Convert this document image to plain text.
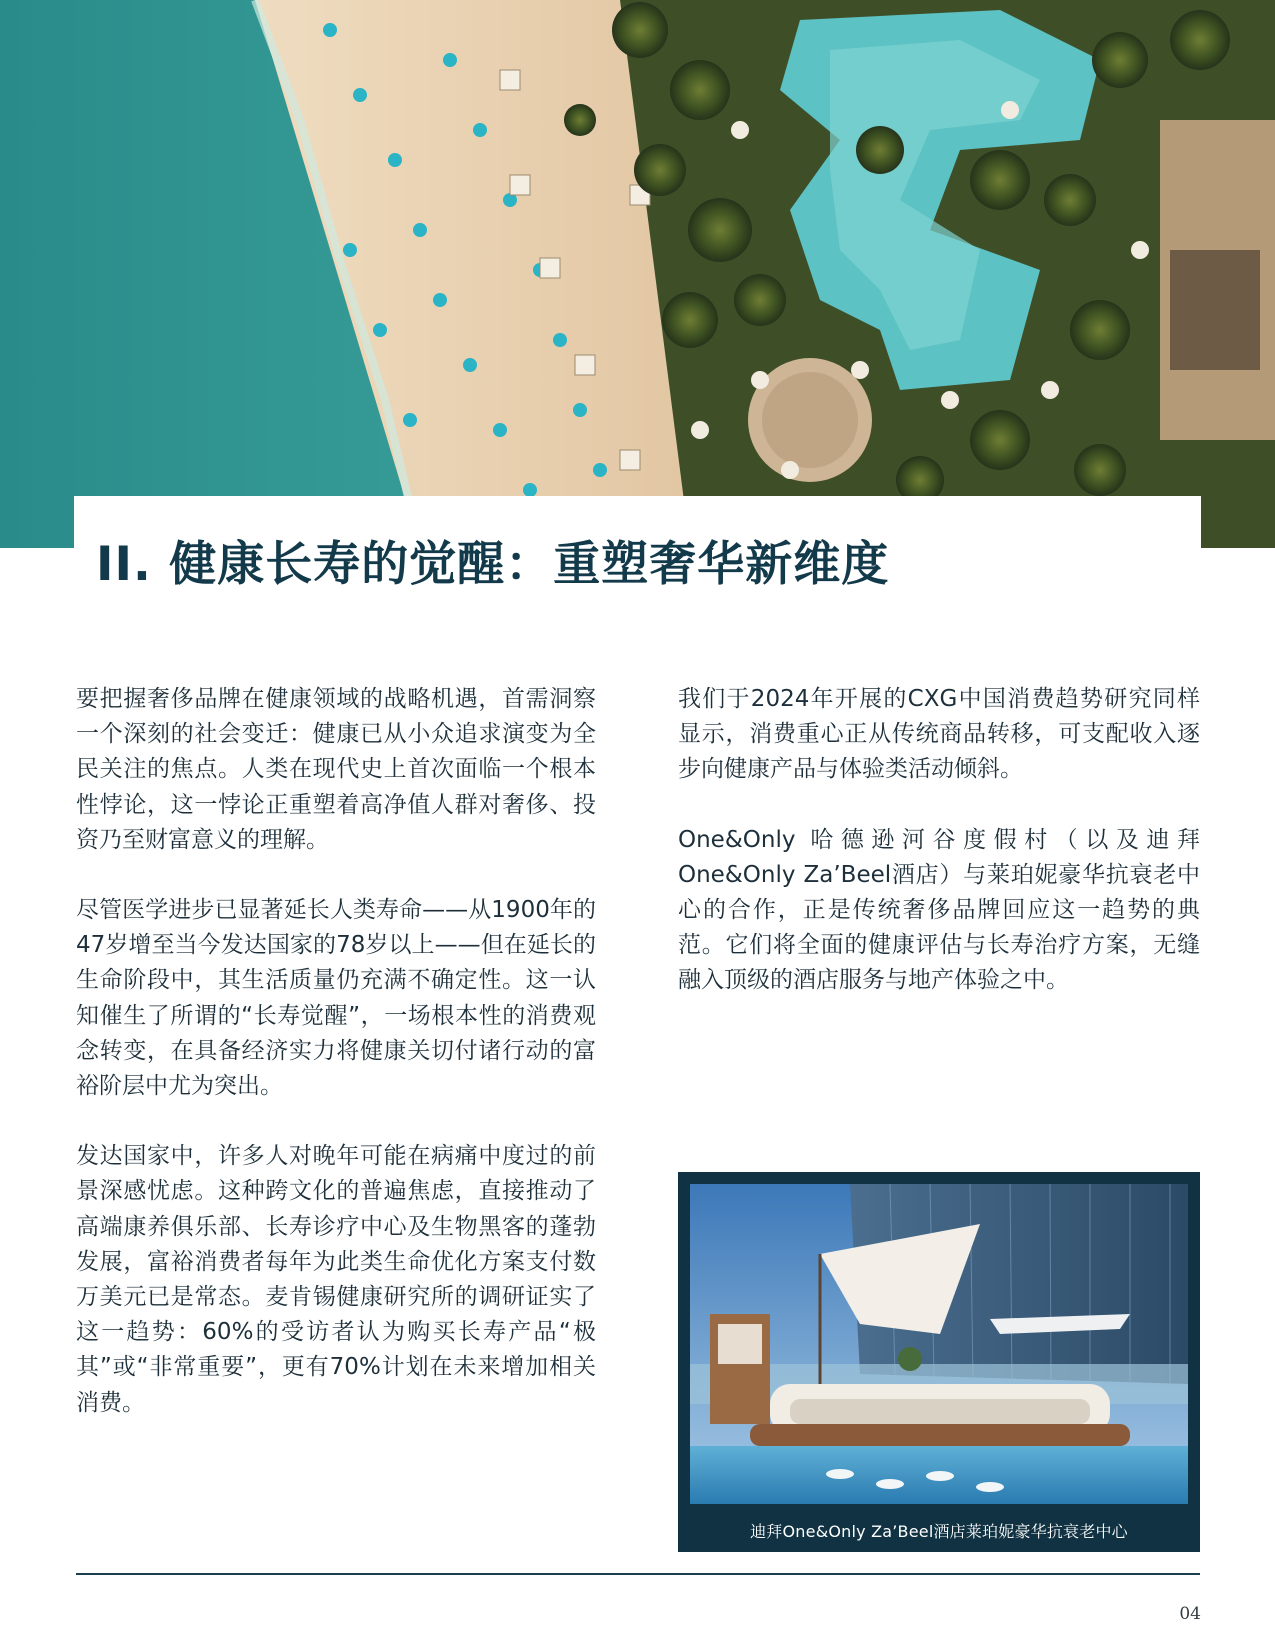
II. 健康长寿的觉醒：重塑奢华新维度

要把握奢侈品牌在健康领域的战略机遇，首需洞察一个深刻的社会变迁：健康已从小众追求演变为全民关注的焦点。人类在现代史上首次面临一个根本性悖论，这一悖论正重塑着高净值人群对奢侈、投资乃至财富意义的理解。

尽管医学进步已显著延长人类寿命——从1900年的47岁增至当今发达国家的78岁以上——但在延长的生命阶段中，其生活质量仍充满不确定性。这一认知催生了所谓的“长寿觉醒”，一场根本性的消费观念转变，在具备经济实力将健康关切付诸行动的富裕阶层中尤为突出。

发达国家中，许多人对晚年可能在病痛中度过的前景深感忧虑。这种跨文化的普遍焦虑，直接推动了高端康养俱乐部、长寿诊疗中心及生物黑客的蓬勃发展，富裕消费者每年为此类生命优化方案支付数万美元已是常态。麦肯锡健康研究所的调研证实了这一趋势：60%的受访者认为购买长寿产品“极其”或“非常重要”，更有70%计划在未来增加相关消费。

我们于2024年开展的CXG中国消费趋势研究同样显示，消费重心正从传统商品转移，可支配收入逐步向健康产品与体验类活动倾斜。

One&Only 哈德逊河谷度假村（以及迪拜One&Only Za’Beel酒店）与莱珀妮豪华抗衰老中心的合作，正是传统奢侈品牌回应这一趋势的典范。它们将全面的健康评估与长寿治疗方案，无缝融入顶级的酒店服务与地产体验之中。

迪拜One&Only Za’Beel酒店莱珀妮豪华抗衰老中心
04
